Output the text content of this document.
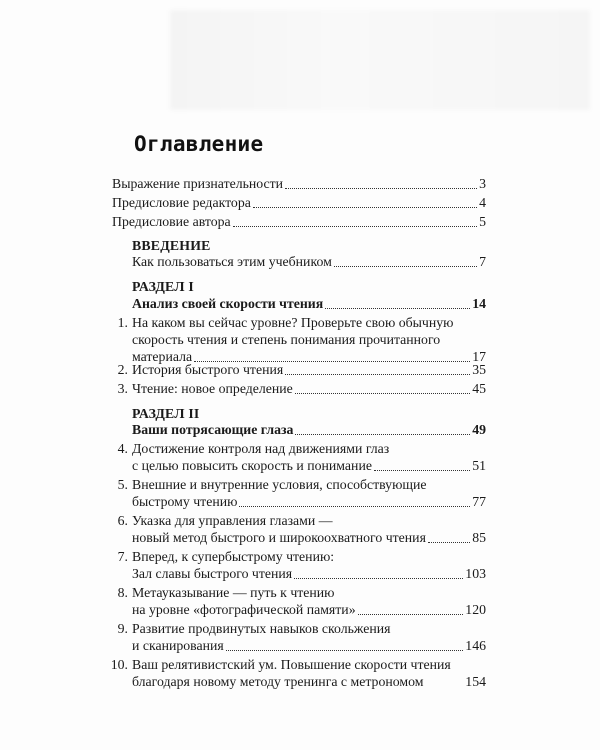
Оглавление
Выражение признательности	3
Предисловие редактора	4
Предисловие автора	5
ВВЕДЕНИЕ
Как пользоваться этим учебником	7
РАЗДЕЛ I
Анализ своей скорости чтения	14
1. На каком вы сейчас уровне? Проверьте свою обычную
скорость чтения и степень понимания прочитанного
материала	17
2. История быстрого чтения	35
3. Чтение: новое определение	45
РАЗДЕЛ II
Ваши потрясающие глаза	49
4. Достижение контроля над движениями глаз
с целью повысить скорость и понимание	51
5. Внешние и внутренние условия, способствующие
быстрому чтению	77
6. Указка для управления глазами —
новый метод быстрого и широкоохватного чтения	85
7. Вперед, к супербыстрому чтению:
Зал славы быстрого чтения	103
8. Метауказывание — путь к чтению
на уровне «фотографической памяти»	120
9. Развитие продвинутых навыков скольжения
и сканирования	146
10. Ваш релятивистский ум. Повышение скорости чтения
благодаря новому методу тренинга с метрономом	154
